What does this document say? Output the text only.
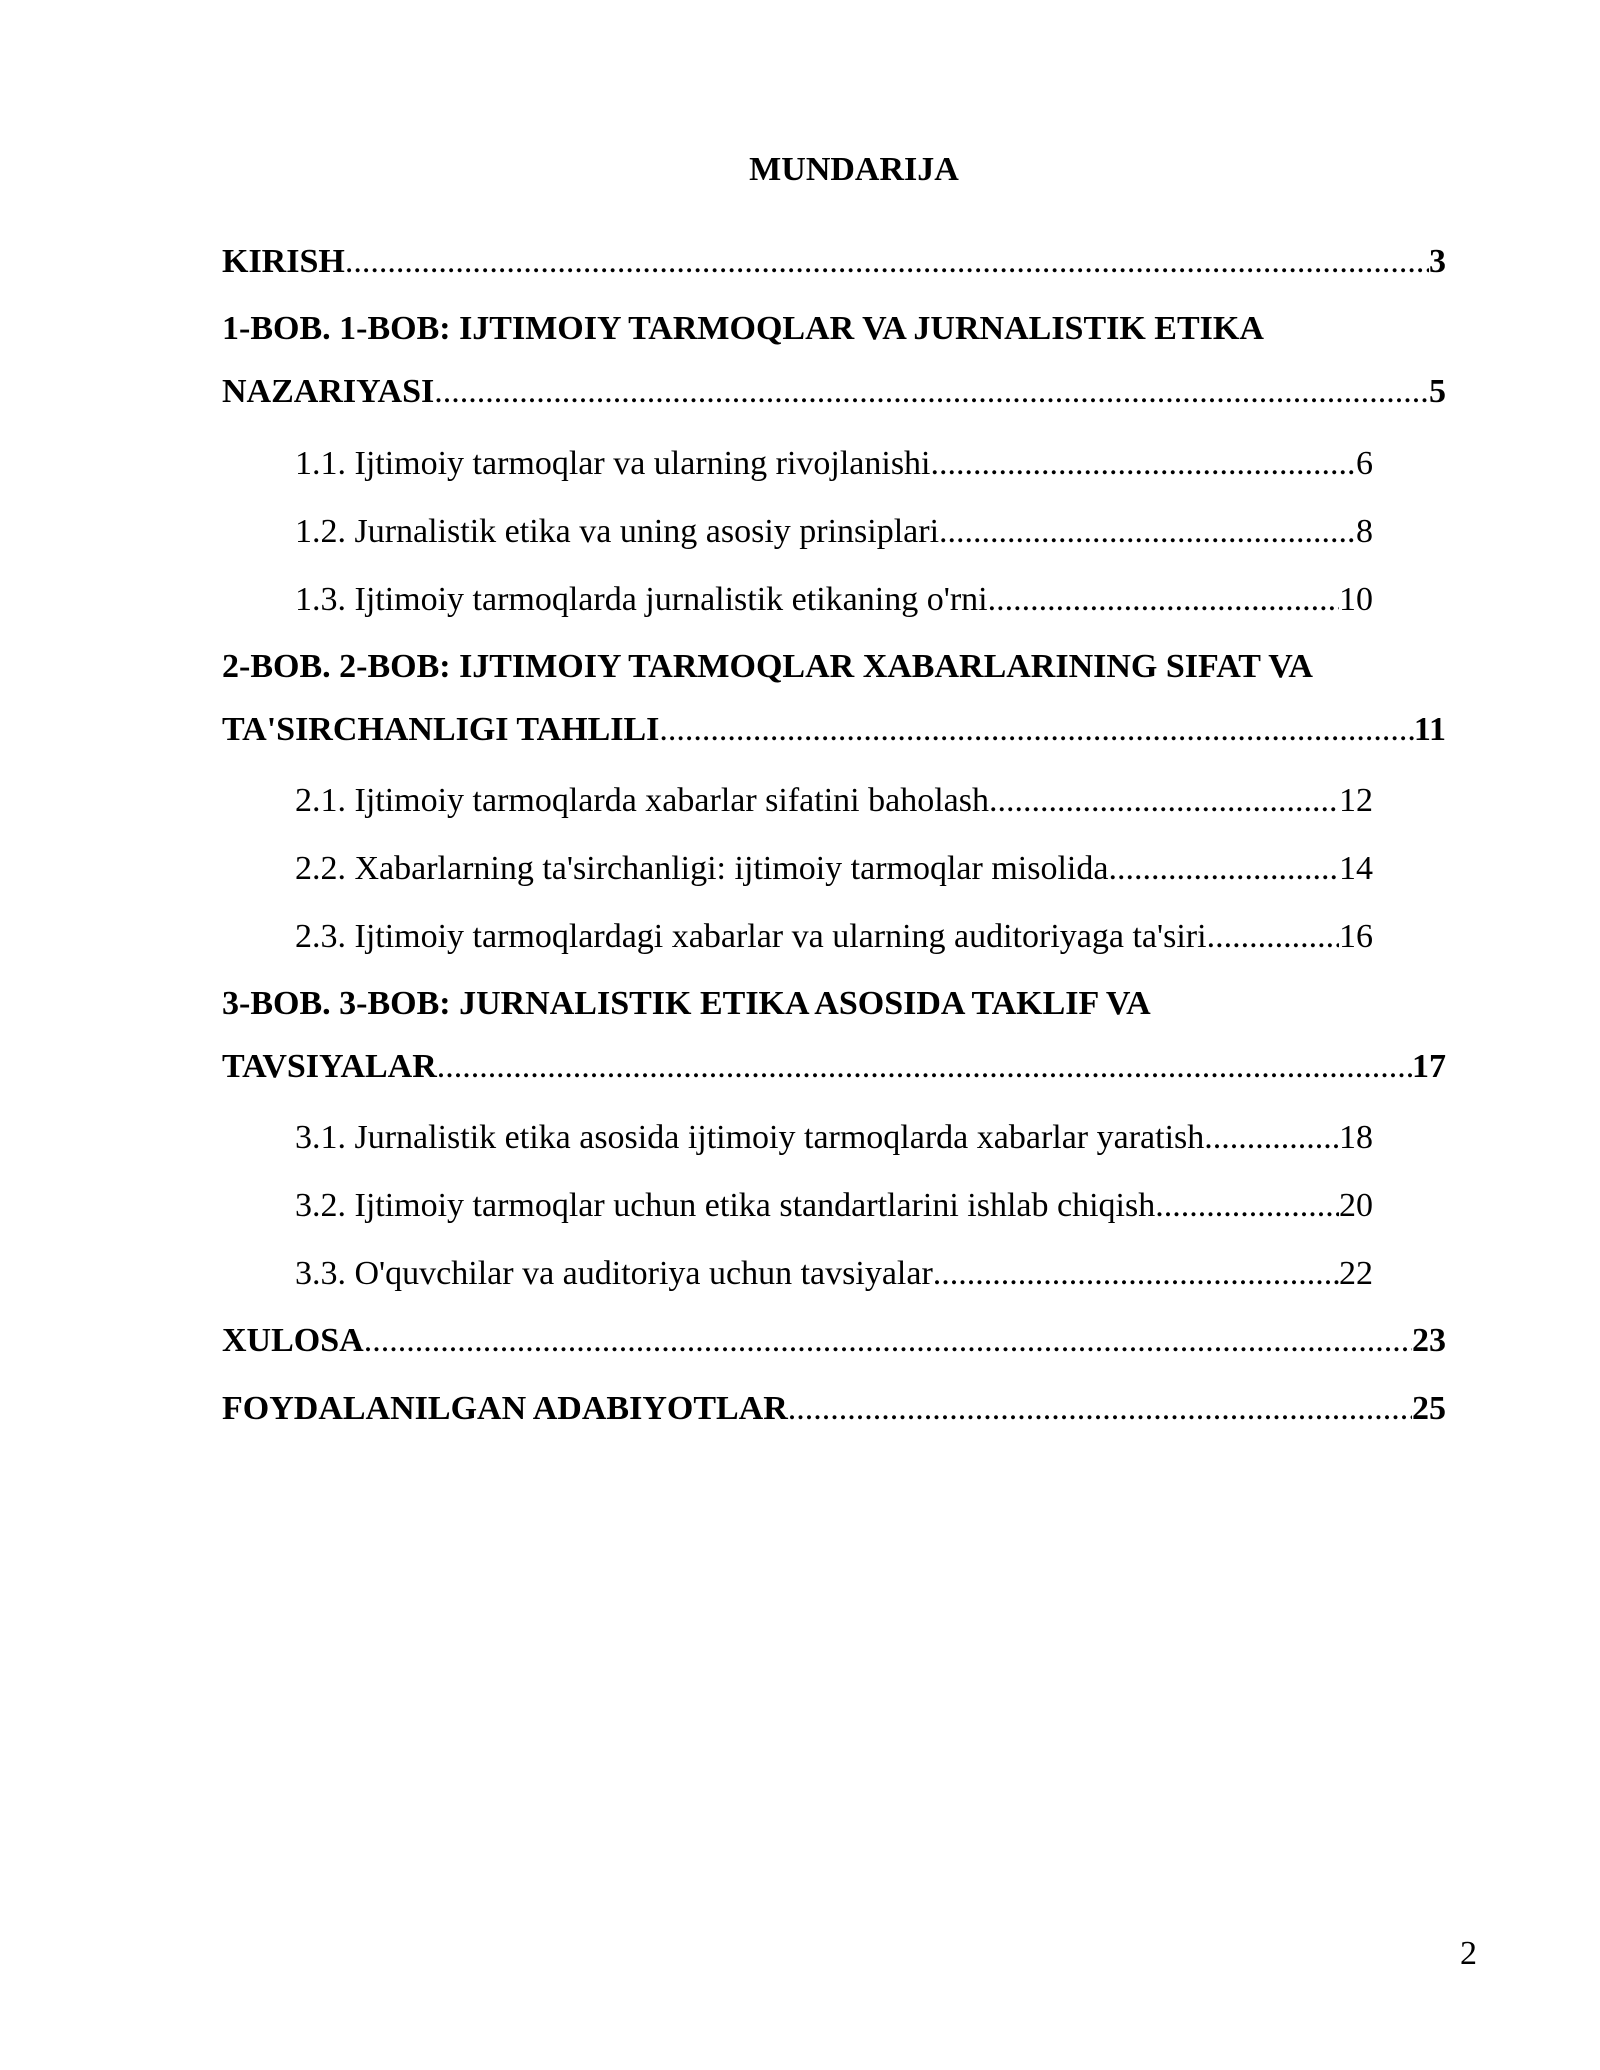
MUNDARIJA
KIRISH .....	3
1-BOB. 1-BOB: IJTIMOIY TARMOQLAR VA JURNALISTIK ETIKA
NAZARIYASI .....	5
1.1. Ijtimoiy tarmoqlar va ularning rivojlanishi .....	6
1.2. Jurnalistik etika va uning asosiy prinsiplari .....	8
1.3. Ijtimoiy tarmoqlarda jurnalistik etikaning o'rni .....	10
2-BOB. 2-BOB: IJTIMOIY TARMOQLAR XABARLARINING SIFAT VA
TA'SIRCHANLIGI TAHLILI .....	11
2.1. Ijtimoiy tarmoqlarda xabarlar sifatini baholash .....	12
2.2. Xabarlarning ta'sirchanligi: ijtimoiy tarmoqlar misolida .....	14
2.3. Ijtimoiy tarmoqlardagi xabarlar va ularning auditoriyaga ta'siri .....	16
3-BOB. 3-BOB: JURNALISTIK ETIKA ASOSIDA TAKLIF VA
TAVSIYALAR .....	17
3.1. Jurnalistik etika asosida ijtimoiy tarmoqlarda xabarlar yaratish .....	18
3.2. Ijtimoiy tarmoqlar uchun etika standartlarini ishlab chiqish .....	20
3.3. O'quvchilar va auditoriya uchun tavsiyalar .....	22
XULOSA .....	23
FOYDALANILGAN ADABIYOTLAR .....	25
2
